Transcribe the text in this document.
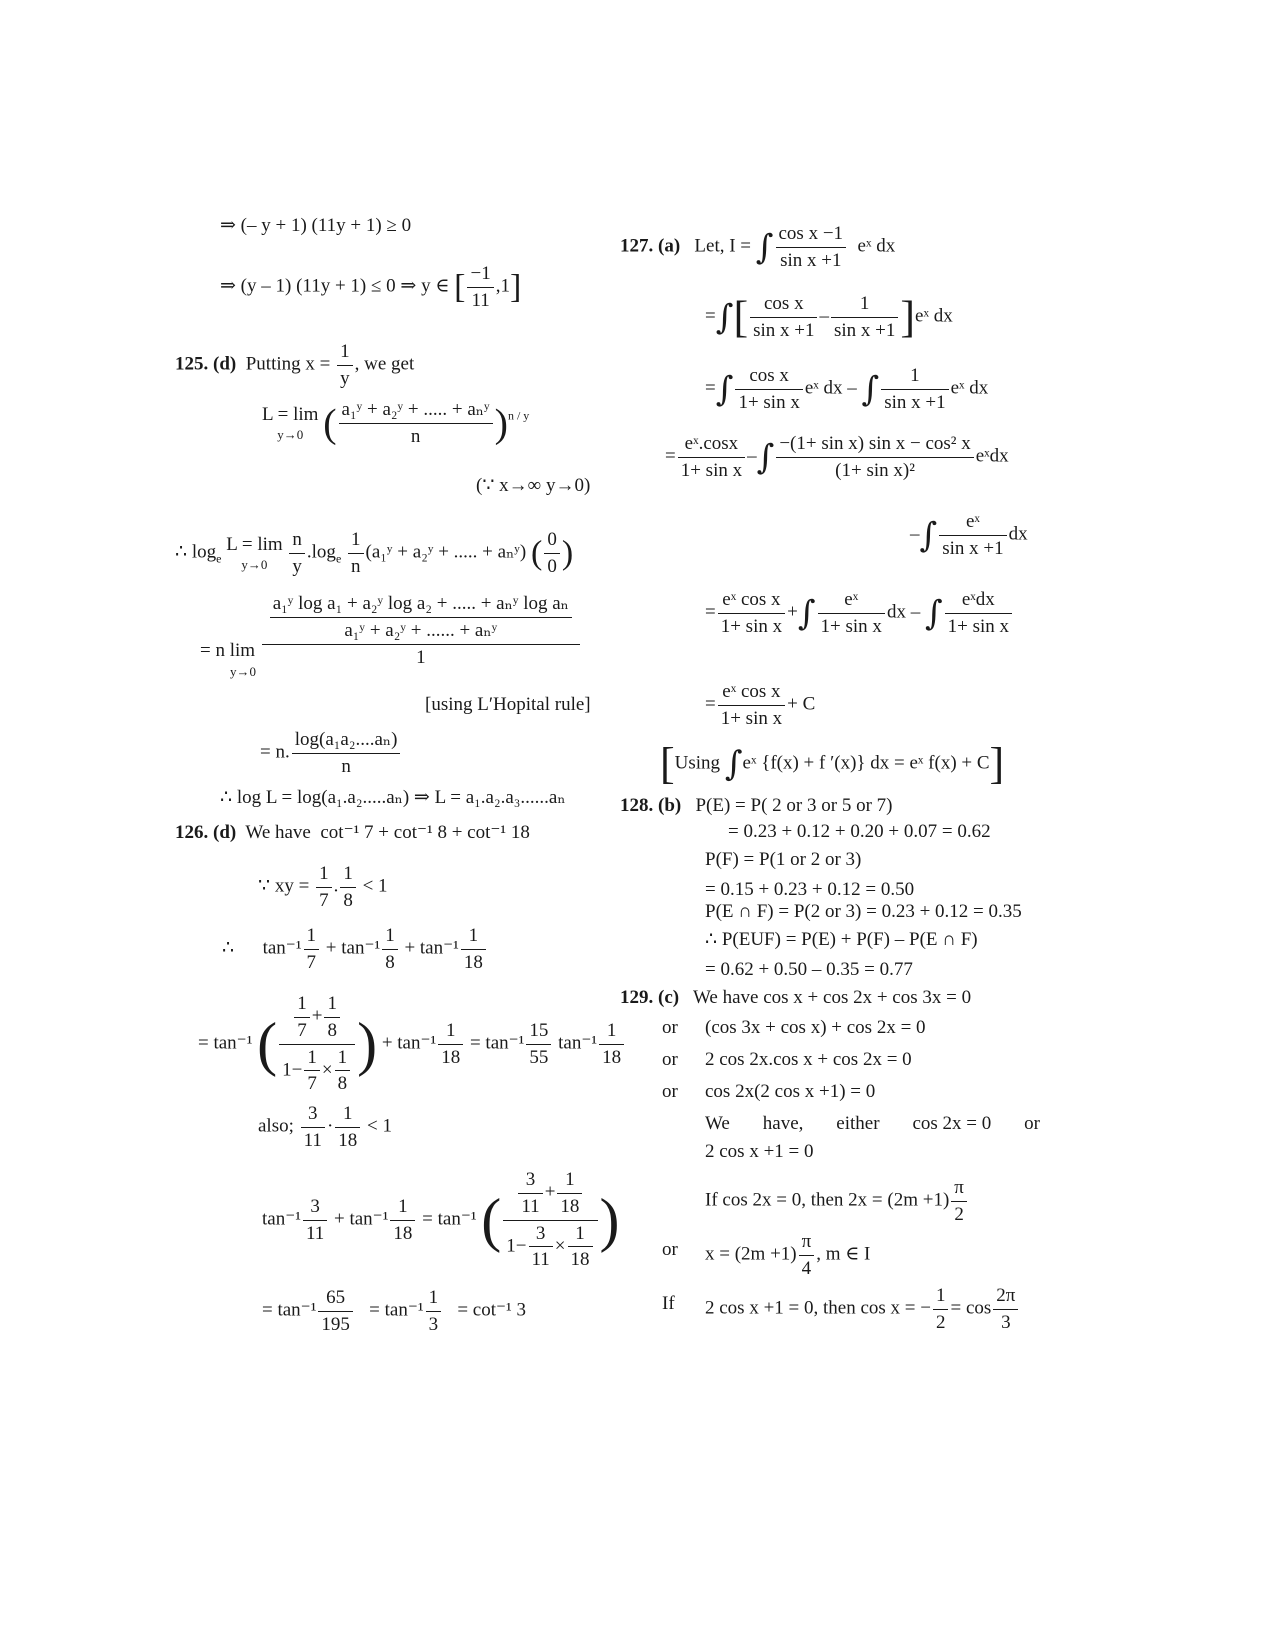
⇒ (– y + 1) (11y + 1) ≥ 0
⇒ (y – 1) (11y + 1) ≤ 0 ⇒ y ∈ [ $\frac{-1}{11} ,1$]
125. (d) Putting $x = \frac{1}{y}$ , we get
L = lim
y→0 ( $\frac{\text{a₁ʸ + a₂ʸ + ..... + aₙʸ}}{n} )^{n / y}$
(∵ x→∞ y→0)
∴ $\log_e$
L = lim
y→0
	$\frac{n}{y} .\log_e \frac{1}{n}$ (a₁ʸ + a₂ʸ + ..... + aₙʸ) ( $\frac{0}{0}$ )
= n lim
$\frac{\text{a₁ʸ log a₁ + a₂ʸ log a₂ + ..... + aₙʸ log aₙ}}{\text{a₁ʸ + a₂ʸ + ...... + aₙʸ}}$
1
y→0
[using L′Hopital rule]
= n. $\frac{\text{log(a₁a₂....aₙ)}}{n}$
∴ log L = log(a₁.a₂.....aₙ) ⇒ L = a₁.a₂.a₃......aₙ
126. (d) We have cot⁻¹ 7 + cot⁻¹ 8 + cot⁻¹ 18
∵ xy = $\frac{1}{7}$ . $\frac{1}{8} < 1$
∴ $\tan^{-1} \frac{1}{7} + \tan^{-1} \frac{1}{8} + \tan^{-1} \frac{1}{18}$
= tan⁻¹ ( $\frac{\frac{1}{7} + \frac{1}{8}}{1- \frac{1}{7} \times \frac{1}{8}}$ ) + $\tan^{-1} \frac{1}{18} = \tan^{-1} \frac{15}{55} \tan^{-1} \frac{1}{18}$
also; $\frac{3}{11} \cdot \frac{1}{18} < 1$
$\tan^{-1} \frac{3}{11} + \tan^{-1} \frac{1}{18} = \tan^{-1}$ ( $\frac{\frac{3}{11} + \frac{1}{18}}{1- \frac{3}{11} \times \frac{1}{18}}$ )
= $\tan^{-1} \frac{65}{195} = \tan^{-1} \frac{1}{3} = \cot^{-1}$ 3
127. (a) Let, I = ∫ $\frac{\text{cos x −1}}{\text{sin x +1}}$ eˣ dx
=∫[ $\frac{\text{cos x}}{\text{sin x +1}} - \frac{1}{\text{sin x +1}}$ ]eˣ dx
=∫ $\frac{\text{cos x}}{\text{1+ sin x}}$ eˣ dx – ∫ $\frac{1}{\text{sin x +1}}$ eˣ dx
= $\frac{\text{eˣ.cosx}}{\text{1+ sin x}}$ –∫ $\frac{\text{−(1+ sin x) sin x − cos² x}}{\text{(1+ sin x)²}}$ eˣdx
–∫ $\frac{\text{eˣ}}{\text{sin x +1}}$ dx
= $\frac{\text{eˣ cos x}}{\text{1+ sin x}}$ +∫ $\frac{\text{eˣ}}{\text{1+ sin x}}$ dx – ∫ $\frac{\text{eˣdx}}{\text{1+ sin x}}$
= $\frac{\text{eˣ cos x}}{\text{1+ sin x}} + C$
[Using ∫eˣ {f(x) + f ′(x)} dx = eˣ f(x) + C]
128. (b) P(E) = P( 2 or 3 or 5 or 7)
= 0.23 + 0.12 + 0.20 + 0.07 = 0.62
P(F) = P(1 or 2 or 3)
= 0.15 + 0.23 + 0.12 = 0.50
P(E ∩ F) = P(2 or 3) = 0.23 + 0.12 = 0.35
∴ P(EUF) = P(E) + P(F) – P(E ∩ F)
= 0.62 + 0.50 – 0.35 = 0.77
129. (c) We have cos x + cos 2x + cos 3x = 0
or (cos 3x + cos x) + cos 2x = 0
or 2 cos 2x.cos x + cos 2x = 0
or cos 2x(2 cos x +1) = 0
We have, either cos 2x = 0 or
2 cos x +1 = 0
If cos 2x = 0, then $2x = (2m +1) \frac{\pi}{2}$
or $x = (2m +1) \frac{\pi}{4}$ , m ∈ I
If 2 cos x +1 = 0, then cos x = − $\frac{1}{2} = \cos \frac{2\pi}{3}$
